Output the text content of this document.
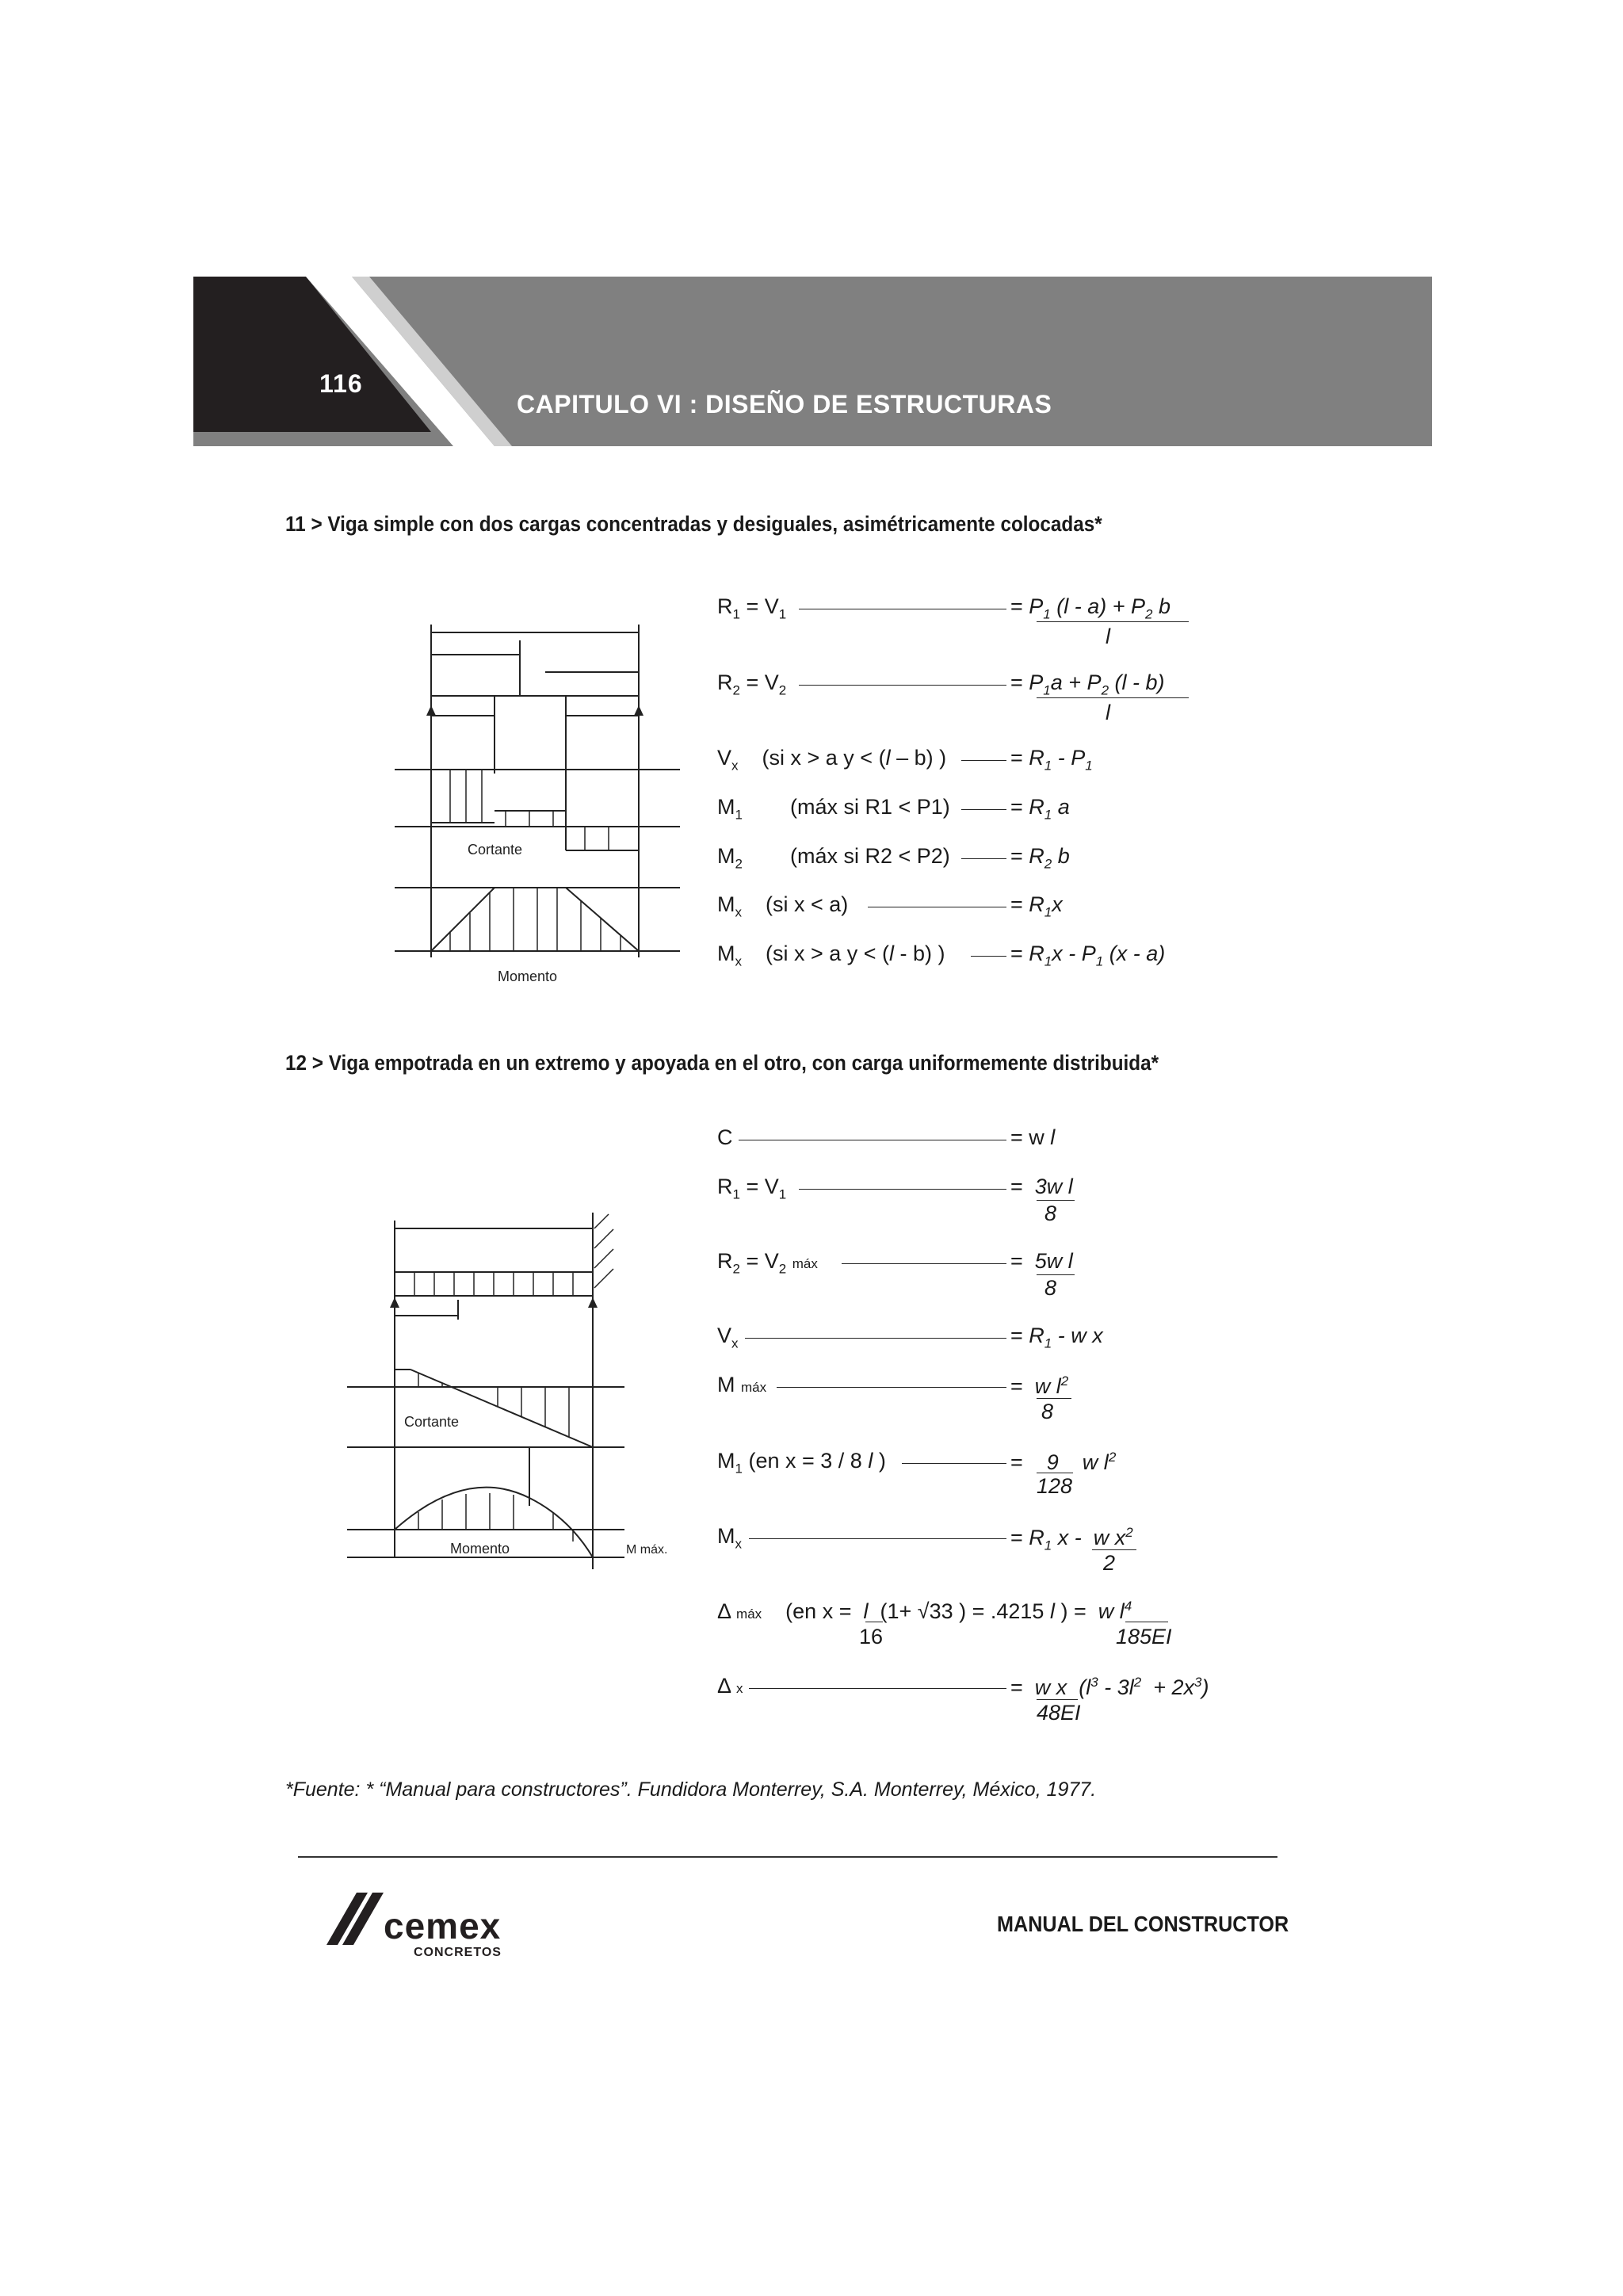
116
CAPITULO VI : DISEÑO DE ESTRUCTURAS
11 > Viga simple con dos cargas concentradas y desiguales, asimétricamente colocadas*
Cortante
Momento
$R_1 = V_1$	= $P_1$ $(l - a) + P_2$ b
l
$R_2 = V_2$	= $P_1a + P_2$ (l - b)
l
$V_x$    (si x > a y < (l – b) )	= $R_1 - P_1$
$M_1$        (máx si R1 < P1)	= $R_1$ a
$M_2$        (máx si R2 < P2)	= $R_2$ b
$M_x$    (si x < a)	= $R_1x$
$M_x$    (si x > a y < (l - b) )	= $R_1x - P_1$ (x - a)
12 > Viga empotrada en un extremo y apoyada en el otro, con carga uniformemente distribuida*
Cortante
Momento	M máx.
C	= w l
$R_1 = V_1$	=  3w l
8
$R_2 = V_2$ máx	=  5w l
8
$V_x$	= $R_1$ - w x
M máx	=  w $l^2$
8
$M_1$ (en x = 3 / 8 l )	=    9    w $l^2$
128
$M_x$	= $R_1$ x -  w $x^2$
2
Δ máx    (en x =  l  (1+ √33 ) = .4215 l ) =  w $l^4$
16	185EI
Δ x	=  w x  $(l^3 - 3l^2 + 2x^3)$
48EI
*Fuente: * “Manual para constructores”. Fundidora Monterrey, S.A. Monterrey, México, 1977.
cemex
CONCRETOS
MANUAL DEL CONSTRUCTOR
